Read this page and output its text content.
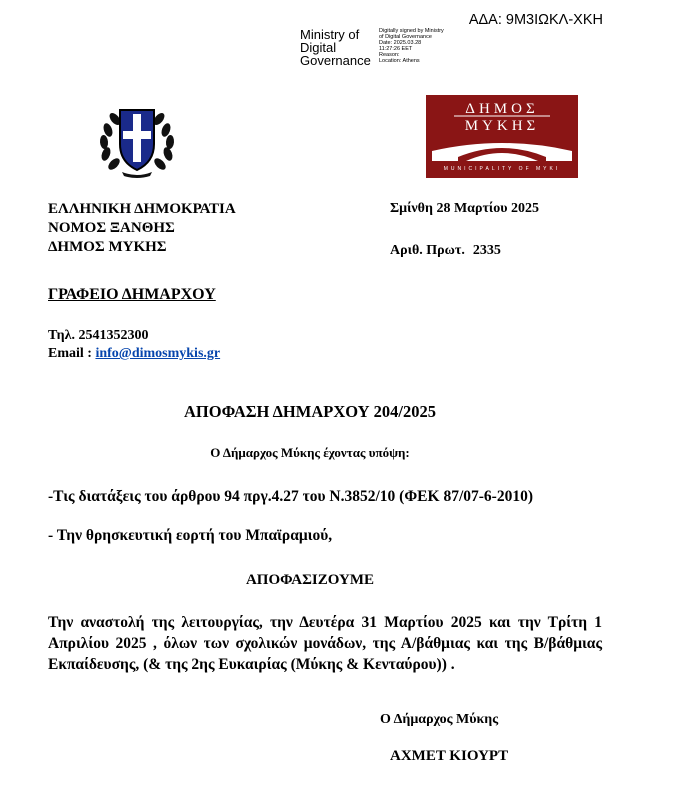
ΑΔΑ: 9Μ3ΙΩΚΛ-ΧΚΗ
Ministry of
Digital
Governance
Digitally signed by Ministry
of Digital Governance
Date: 2025.03.28
11:27:26 EET
Reason:
Location: Athens
ΔΗΜΟΣ
ΜΥΚΗΣ
MUNICIPALITY OF MYKI
ΕΛΛΗΝΙΚΗ ΔΗΜΟΚΡΑΤΙΑ
ΝΟΜΟΣ ΞΑΝΘΗΣ
ΔΗΜΟΣ ΜΥΚΗΣ
Σμίνθη 28 Μαρτίου 2025
Αριθ. Πρωτ. 2335
ΓΡΑΦΕΙΟ ΔΗΜΑΡΧΟΥ
Τηλ. 2541352300
Email : info@dimosmykis.gr
ΑΠΟΦΑΣΗ ΔΗΜΑΡΧΟΥ 204/2025
Ο Δήμαρχος Μύκης έχοντας υπόψη:
-Τις διατάξεις του άρθρου 94 πργ.4.27 του Ν.3852/10 (ΦΕΚ 87/07-6-2010)
- Την θρησκευτική εορτή του Μπαϊραμιού,
ΑΠΟΦΑΣΙΖΟΥΜΕ
Την αναστολή της λειτουργίας, την Δευτέρα 31 Μαρτίου 2025 και την Τρίτη 1 Απριλίου 2025 , όλων των σχολικών μονάδων, της Α/βάθμιας και της Β/βάθμιας Εκπαίδευσης, (& της 2ης Ευκαιρίας (Μύκης & Κενταύρου)) .
Ο Δήμαρχος Μύκης
ΑΧΜΕΤ ΚΙΟΥΡΤ
